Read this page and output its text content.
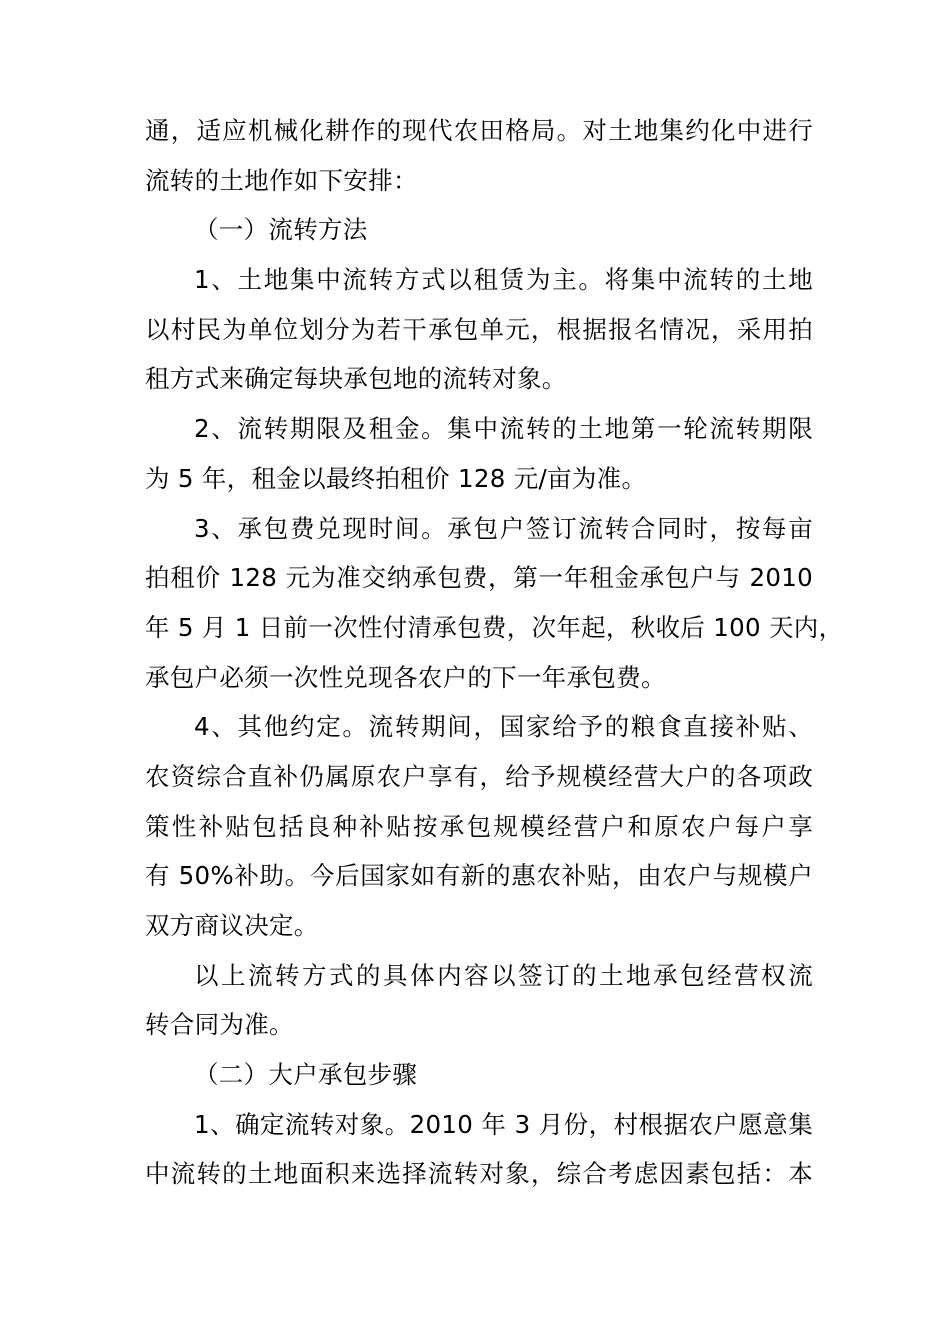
通，适应机械化耕作的现代农田格局。对土地集约化中进行
流转的土地作如下安排：
（一）流转方法
1、土地集中流转方式以租赁为主。将集中流转的土地
以村民为单位划分为若干承包单元，根据报名情况，采用拍
租方式来确定每块承包地的流转对象。
2、流转期限及租金。集中流转的土地第一轮流转期限
为 5 年，租金以最终拍租价 128 元/亩为准。
3、承包费兑现时间。承包户签订流转合同时，按每亩
拍租价 128 元为准交纳承包费，第一年租金承包户与 2010
年 5 月 1 日前一次性付清承包费，次年起，秋收后 100 天内，
承包户必须一次性兑现各农户的下一年承包费。
4、其他约定。流转期间，国家给予的粮食直接补贴、
农资综合直补仍属原农户享有，给予规模经营大户的各项政
策性补贴包括良种补贴按承包规模经营户和原农户每户享
有 50%补助。今后国家如有新的惠农补贴，由农户与规模户
双方商议决定。
以上流转方式的具体内容以签订的土地承包经营权流
转合同为准。
（二）大户承包步骤
1、确定流转对象。2010 年 3 月份，村根据农户愿意集
中流转的土地面积来选择流转对象，综合考虑因素包括：本
